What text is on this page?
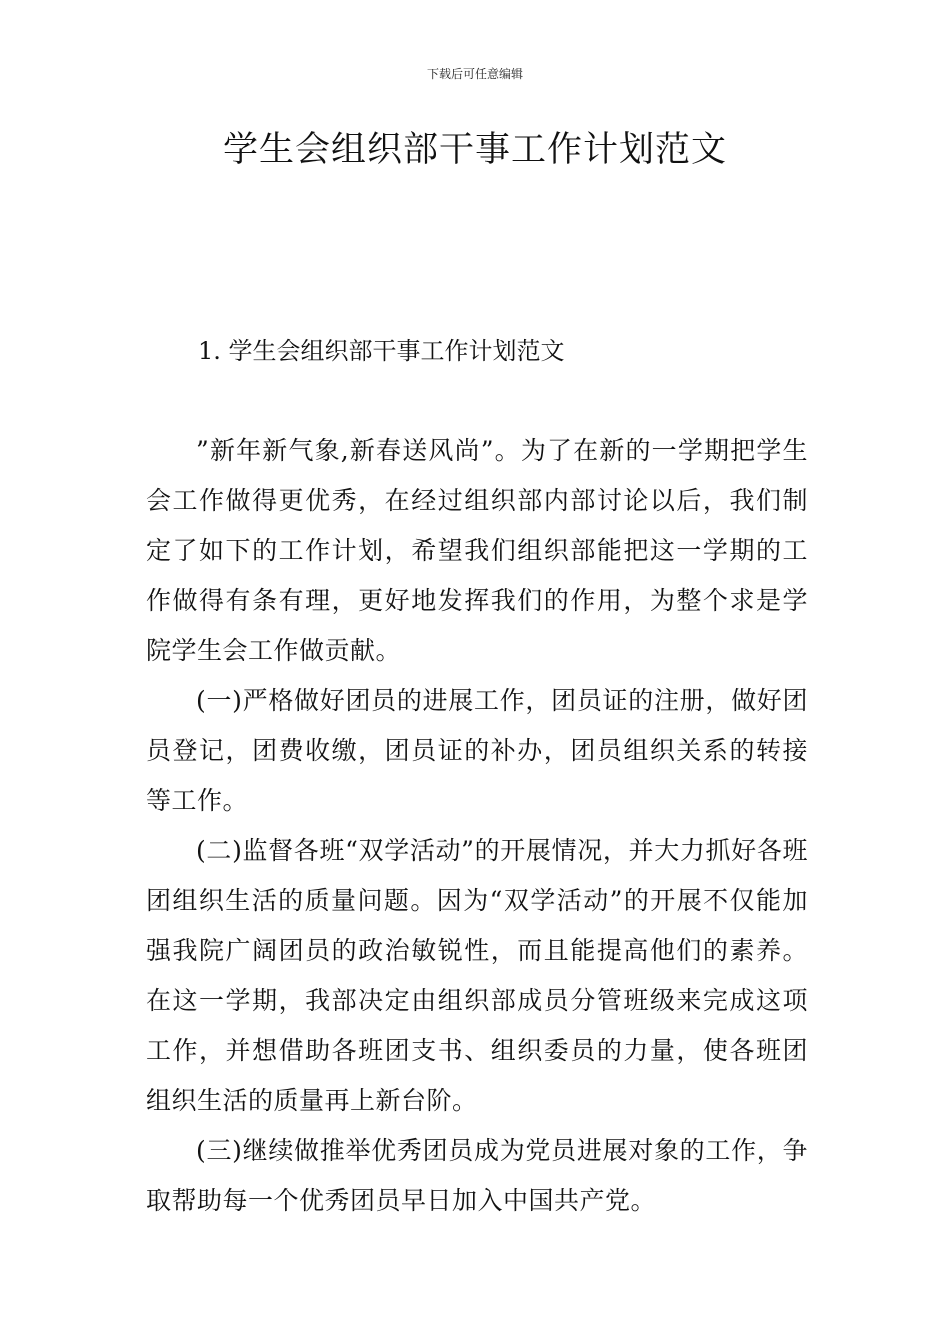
下载后可任意编辑
学生会组织部干事工作计划范文

1. 学生会组织部干事工作计划范文

”新年新气象,新春送风尚”。为了在新的一学期把学生会工作做得更优秀，在经过组织部内部讨论以后，我们制定了如下的工作计划，希望我们组织部能把这一学期的工作做得有条有理，更好地发挥我们的作用，为整个求是学院学生会工作做贡献。

(一)严格做好团员的进展工作，团员证的注册，做好团员登记，团费收缴，团员证的补办，团员组织关系的转接等工作。

(二)监督各班“双学活动”的开展情况，并大力抓好各班团组织生活的质量问题。因为“双学活动”的开展不仅能加强我院广阔团员的政治敏锐性，而且能提高他们的素养。在这一学期，我部决定由组织部成员分管班级来完成这项工作，并想借助各班团支书、组织委员的力量，使各班团组织生活的质量再上新台阶。

(三)继续做推举优秀团员成为党员进展对象的工作，争取帮助每一个优秀团员早日加入中国共产党。
